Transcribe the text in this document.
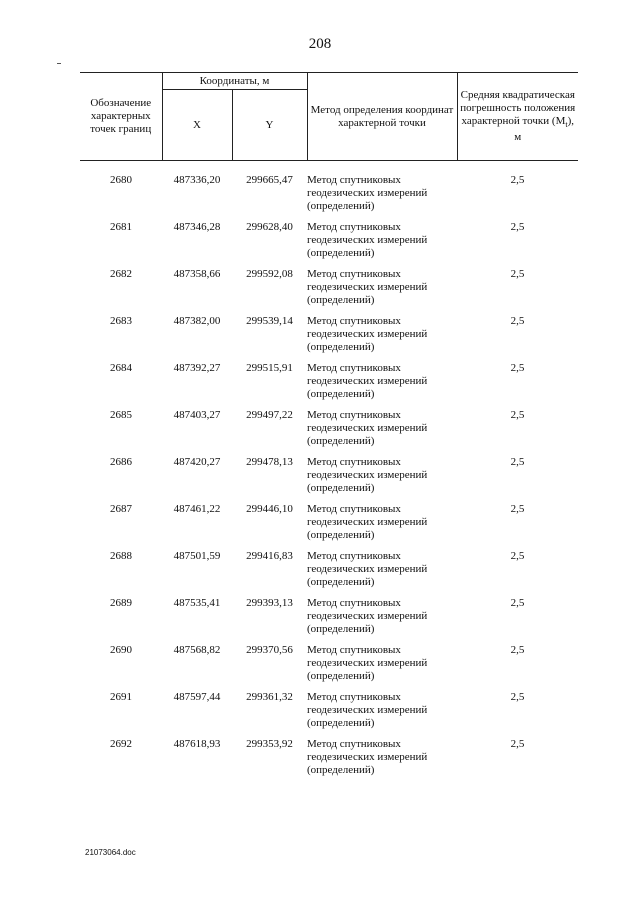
208
Обозначение характерных точек границ	Координаты, м		Метод определения координат характерной точки	Средняя квадратическая погрешность положения характерной точки $(M_t)$, м
	X	Y		

2680	487336,20	299665,47	Метод спутниковых геодезических измерений (определений)	2,5
2681	487346,28	299628,40	Метод спутниковых геодезических измерений (определений)	2,5
2682	487358,66	299592,08	Метод спутниковых геодезических измерений (определений)	2,5
2683	487382,00	299539,14	Метод спутниковых геодезических измерений (определений)	2,5
2684	487392,27	299515,91	Метод спутниковых геодезических измерений (определений)	2,5
2685	487403,27	299497,22	Метод спутниковых геодезических измерений (определений)	2,5
2686	487420,27	299478,13	Метод спутниковых геодезических измерений (определений)	2,5
2687	487461,22	299446,10	Метод спутниковых геодезических измерений (определений)	2,5
2688	487501,59	299416,83	Метод спутниковых геодезических измерений (определений)	2,5
2689	487535,41	299393,13	Метод спутниковых геодезических измерений (определений)	2,5
2690	487568,82	299370,56	Метод спутниковых геодезических измерений (определений)	2,5
2691	487597,44	299361,32	Метод спутниковых геодезических измерений (определений)	2,5
2692	487618,93	299353,92	Метод спутниковых геодезических измерений (определений)	2,5
21073064.doc
